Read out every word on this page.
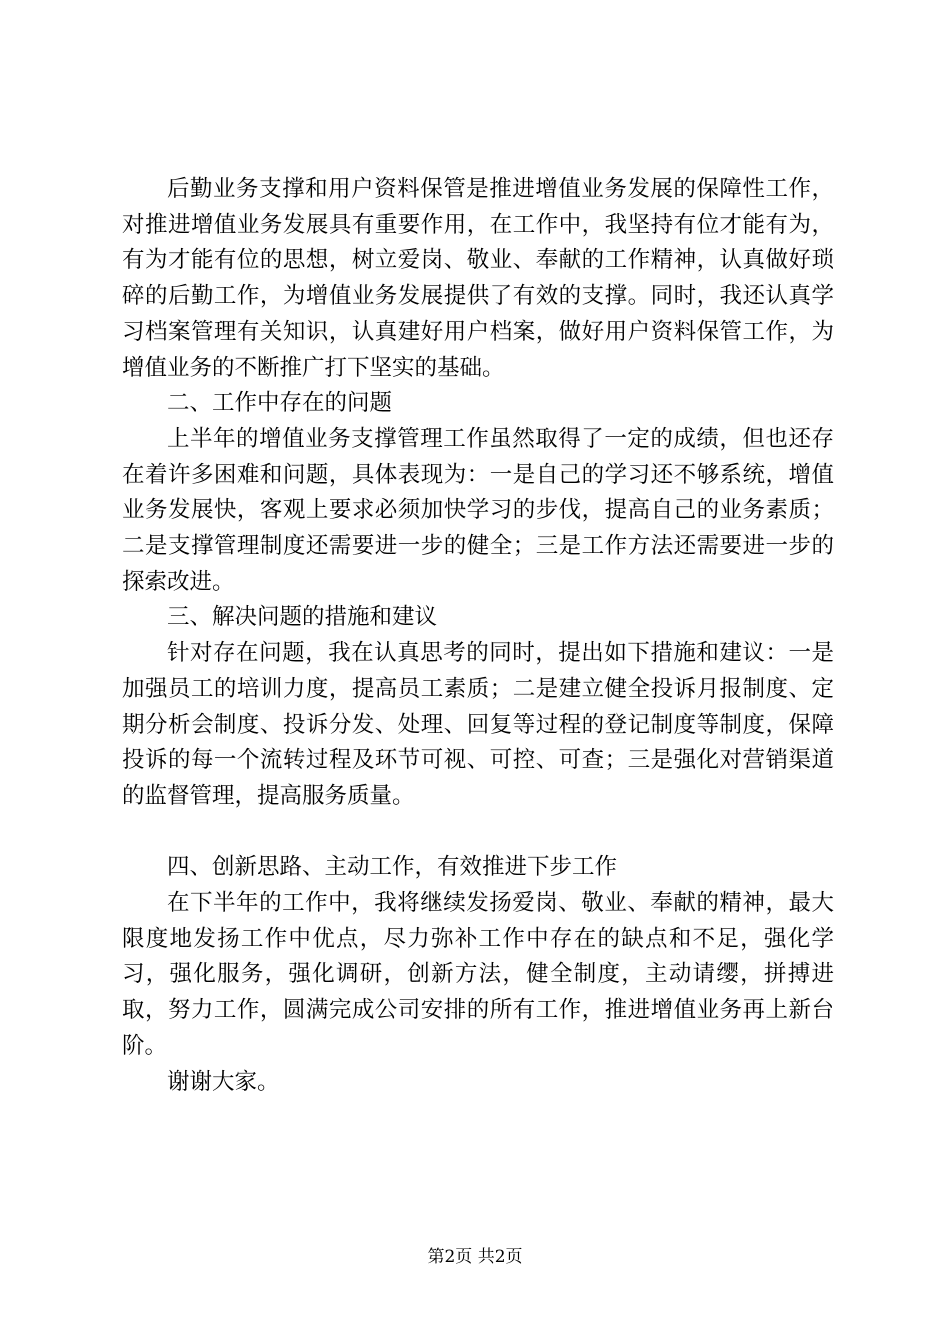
后勤业务支撑和用户资料保管是推进增值业务发展的保障性工作，对推进增值业务发展具有重要作用，在工作中，我坚持有位才能有为，有为才能有位的思想，树立爱岗、敬业、奉献的工作精神，认真做好琐碎的后勤工作，为增值业务发展提供了有效的支撑。同时，我还认真学习档案管理有关知识，认真建好用户档案，做好用户资料保管工作，为增值业务的不断推广打下坚实的基础。

二、工作中存在的问题

上半年的增值业务支撑管理工作虽然取得了一定的成绩，但也还存在着许多困难和问题，具体表现为：一是自己的学习还不够系统，增值业务发展快，客观上要求必须加快学习的步伐，提高自己的业务素质；二是支撑管理制度还需要进一步的健全；三是工作方法还需要进一步的探索改进。

三、解决问题的措施和建议

针对存在问题，我在认真思考的同时，提出如下措施和建议：一是加强员工的培训力度，提高员工素质；二是建立健全投诉月报制度、定期分析会制度、投诉分发、处理、回复等过程的登记制度等制度，保障投诉的每一个流转过程及环节可视、可控、可查；三是强化对营销渠道的监督管理，提高服务质量。

四、创新思路、主动工作，有效推进下步工作

在下半年的工作中，我将继续发扬爱岗、敬业、奉献的精神，最大限度地发扬工作中优点，尽力弥补工作中存在的缺点和不足，强化学习，强化服务，强化调研，创新方法，健全制度，主动请缨，拼搏进取，努力工作，圆满完成公司安排的所有工作，推进增值业务再上新台阶。

谢谢大家。

第2页 共2页
